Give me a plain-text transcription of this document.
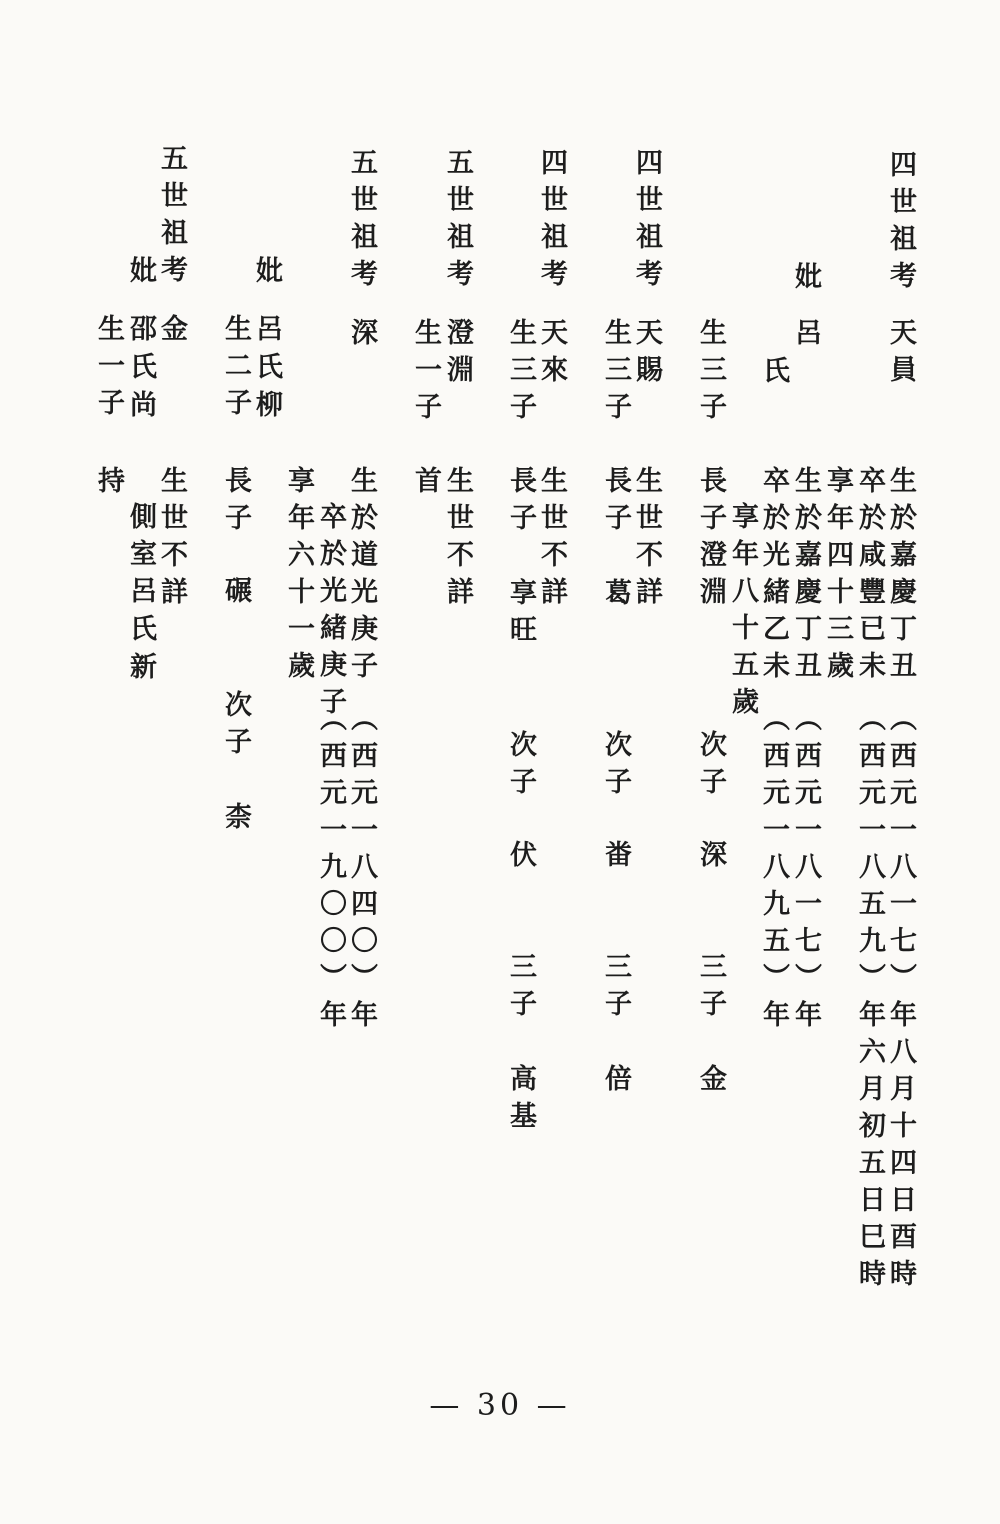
四世祖考
天員
生於嘉慶丁丑
（西元一八一七）年八月十四日酉時
卒於咸豐已未
（西元一八五九）年六月初五日巳時
享年四十三歲
妣
呂
生於嘉慶丁丑
（西元一八一七）年
氏
卒於光緒乙未
（西元一八九五）年
享年八十五歲
生三子
長子澄淵
次子
深
三子
金
四世祖考
天賜
生世不詳
生三子
長子
葛
次子
畨
三子
倍
四世祖考
天來
生世不詳
生三子
長子
享旺
次子
伏
三子
高基
五世祖考
澄淵
生世不詳
生一子
首
五世祖考
深
生於道光庚子
（西元一八四〇）年
卒於光緒庚子
（西元一九〇〇）年
享年六十一歲
妣
呂
氏
柳
生二子
長子
碾
次子
柰
五世祖考
金
生世不詳
妣
邵
氏
尚
側室
呂
氏
新
生一子
持
— 30 —
